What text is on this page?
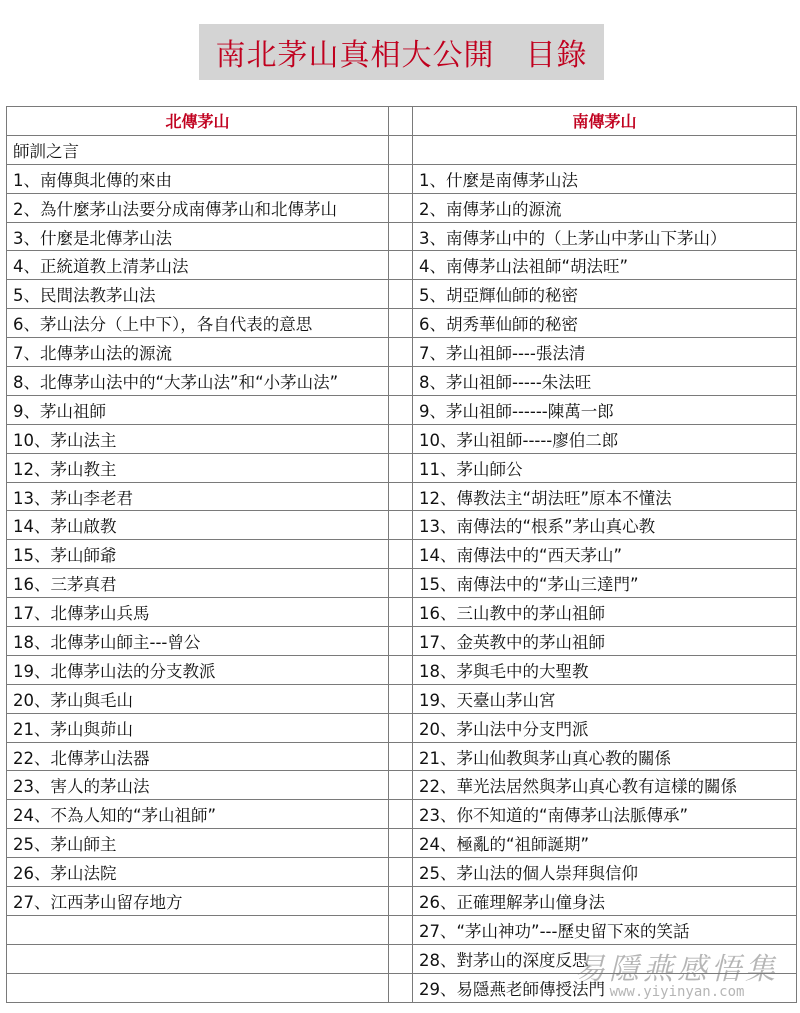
南北茅山真相大公開　目錄
北傳茅山		南傳茅山
師訓之言		
1、南傳與北傳的來由		1、什麼是南傳茅山法
2、為什麼茅山法要分成南傳茅山和北傳茅山		2、南傳茅山的源流
3、什麼是北傳茅山法		3、南傳茅山中的（上茅山中茅山下茅山）
4、正統道教上清茅山法		4、南傳茅山法祖師“胡法旺”
5、民間法教茅山法		5、胡亞輝仙師的秘密
6、茅山法分（上中下），各自代表的意思		6、胡秀華仙師的秘密
7、北傳茅山法的源流		7、茅山祖師----張法清
8、北傳茅山法中的“大茅山法”和“小茅山法”		8、茅山祖師-----朱法旺
9、茅山祖師		9、茅山祖師------陳萬一郎
10、茅山法主		10、茅山祖師-----廖伯二郎
12、茅山教主		11、茅山師公
13、茅山李老君		12、傳教法主“胡法旺”原本不懂法
14、茅山啟教		13、南傳法的“根系”茅山真心教
15、茅山師爺		14、南傳法中的“西天茅山”
16、三茅真君		15、南傳法中的“茅山三達門”
17、北傳茅山兵馬		16、三山教中的茅山祖師
18、北傳茅山師主---曾公		17、金英教中的茅山祖師
19、北傳茅山法的分支教派		18、茅與毛中的大聖教
20、茅山與毛山		19、天臺山茅山宮
21、茅山與茆山		20、茅山法中分支門派
22、北傳茅山法器		21、茅山仙教與茅山真心教的關係
23、害人的茅山法		22、華光法居然與茅山真心教有這樣的關係
24、不為人知的“茅山祖師”		23、你不知道的“南傳茅山法脈傳承”
25、茅山師主		24、極亂的“祖師誕期”
26、茅山法院		25、茅山法的個人崇拜與信仰
27、江西茅山留存地方		26、正確理解茅山僮身法
		27、“茅山神功”---歷史留下來的笑話
		28、對茅山的深度反思
		29、易隱燕老師傳授法門
易隱燕感悟集
www.yiyinyan.com
